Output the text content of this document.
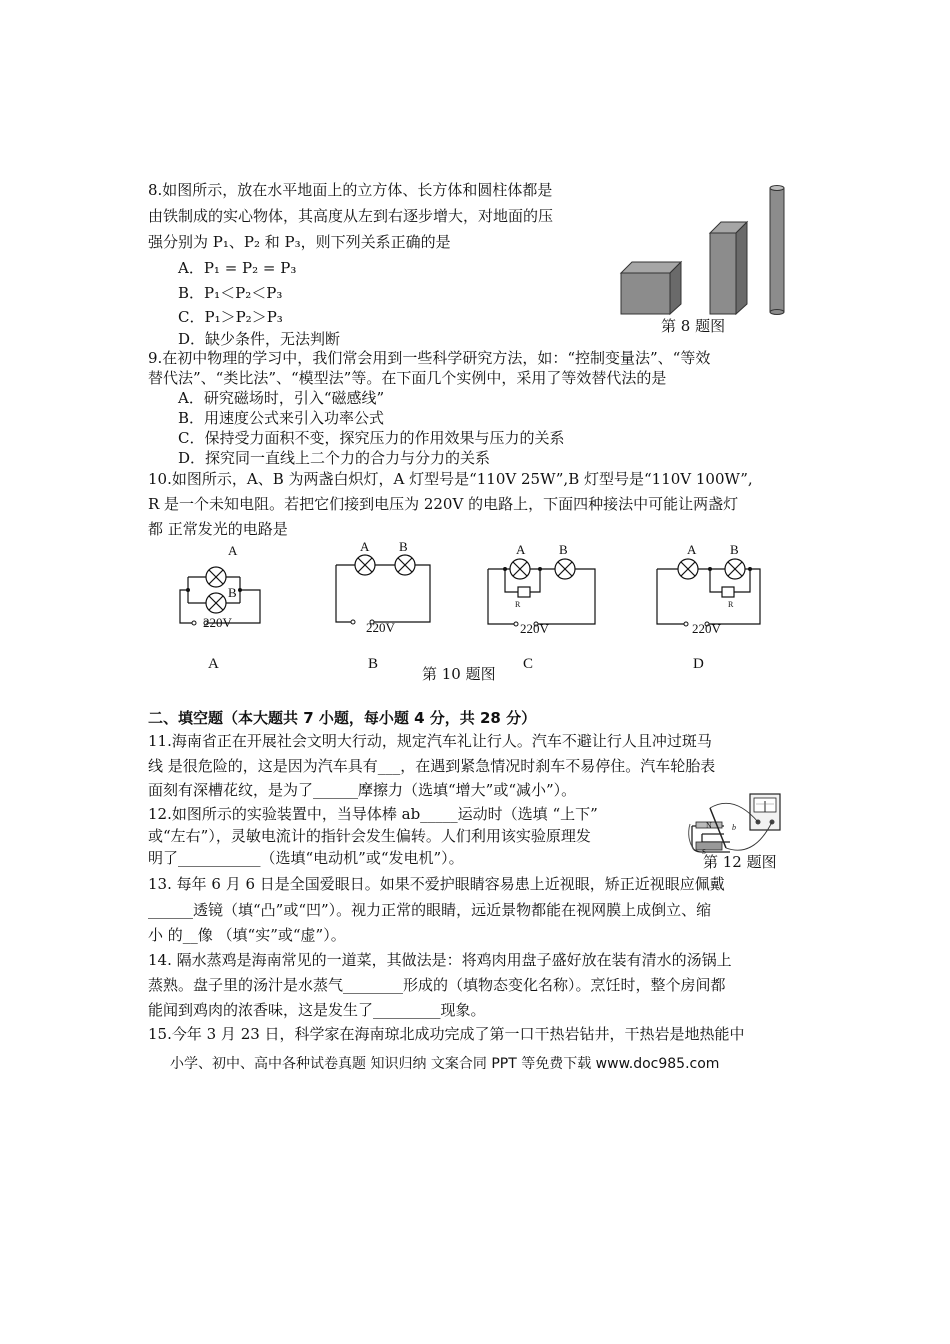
8.如图所示，放在水平地面上的立方体、长方体和圆柱体都是
由铁制成的实心物体，其高度从左到右逐步增大，对地面的压
强分别为 P₁、P₂ 和 P₃，则下列关系正确的是
A．P₁ = P₂ = P₃
B．P₁＜P₂＜P₃
C．P₁＞P₂＞P₃
D．缺少条件，无法判断
第 8 题图
9.在初中物理的学习中，我们常会用到一些科学研究方法，如：“控制变量法”、“等效
替代法”、“类比法”、“模型法”等。在下面几个实例中，采用了等效替代法的是
A．研究磁场时，引入“磁感线”
B．用速度公式来引入功率公式
C．保持受力面积不变，探究压力的作用效果与压力的关系
D．探究同一直线上二个力的合力与分力的关系
10.如图所示，A、B 为两盏白炽灯，A 灯型号是“110V 25W”,B 灯型号是“110V 100W”,
R 是一个未知电阻。若把它们接到电压为 220V 的电路上，下面四种接法中可能让两盏灯
都 正常发光的电路是
A
B
A B	A	B	A	B
R	R
220V	220V	220V	220V
A	B	C	D
第 10 题图
二、填空题（本大题共 7 小题，每小题 4 分，共 28 分）
11.海南省正在开展社会文明大行动，规定汽车礼让行人。汽车不避让行人且冲过斑马
线 是很危险的，这是因为汽车具有___，在遇到紧急情况时刹车不易停住。汽车轮胎表
面刻有深槽花纹，是为了______摩擦力（选填“增大”或“减小”）。
12.如图所示的实验装置中，当导体棒 ab_____运动时（选填 “上下”
或“左右”），灵敏电流计的指针会发生偏转。人们利用该实验原理发
明了___________（选填“电动机”或“发电机”）。
N
S
b
第 12 题图
13. 每年 6 月 6 日是全国爱眼日。如果不爱护眼睛容易患上近视眼，矫正近视眼应佩戴
______透镜（填“凸”或“凹”）。视力正常的眼睛，远近景物都能在视网膜上成倒立、缩
小 的__像 （填“实”或“虚”）。
14. 隔水蒸鸡是海南常见的一道菜，其做法是：将鸡肉用盘子盛好放在装有清水的汤锅上
蒸熟。盘子里的汤汁是水蒸气________形成的（填物态变化名称）。烹饪时，整个房间都
能闻到鸡肉的浓香味，这是发生了_________现象。
15.今年 3 月 23 日，科学家在海南琼北成功完成了第一口干热岩钻井，干热岩是地热能中
小学、初中、高中各种试卷真题 知识归纳 文案合同 PPT 等免费下载 www.doc985.com
